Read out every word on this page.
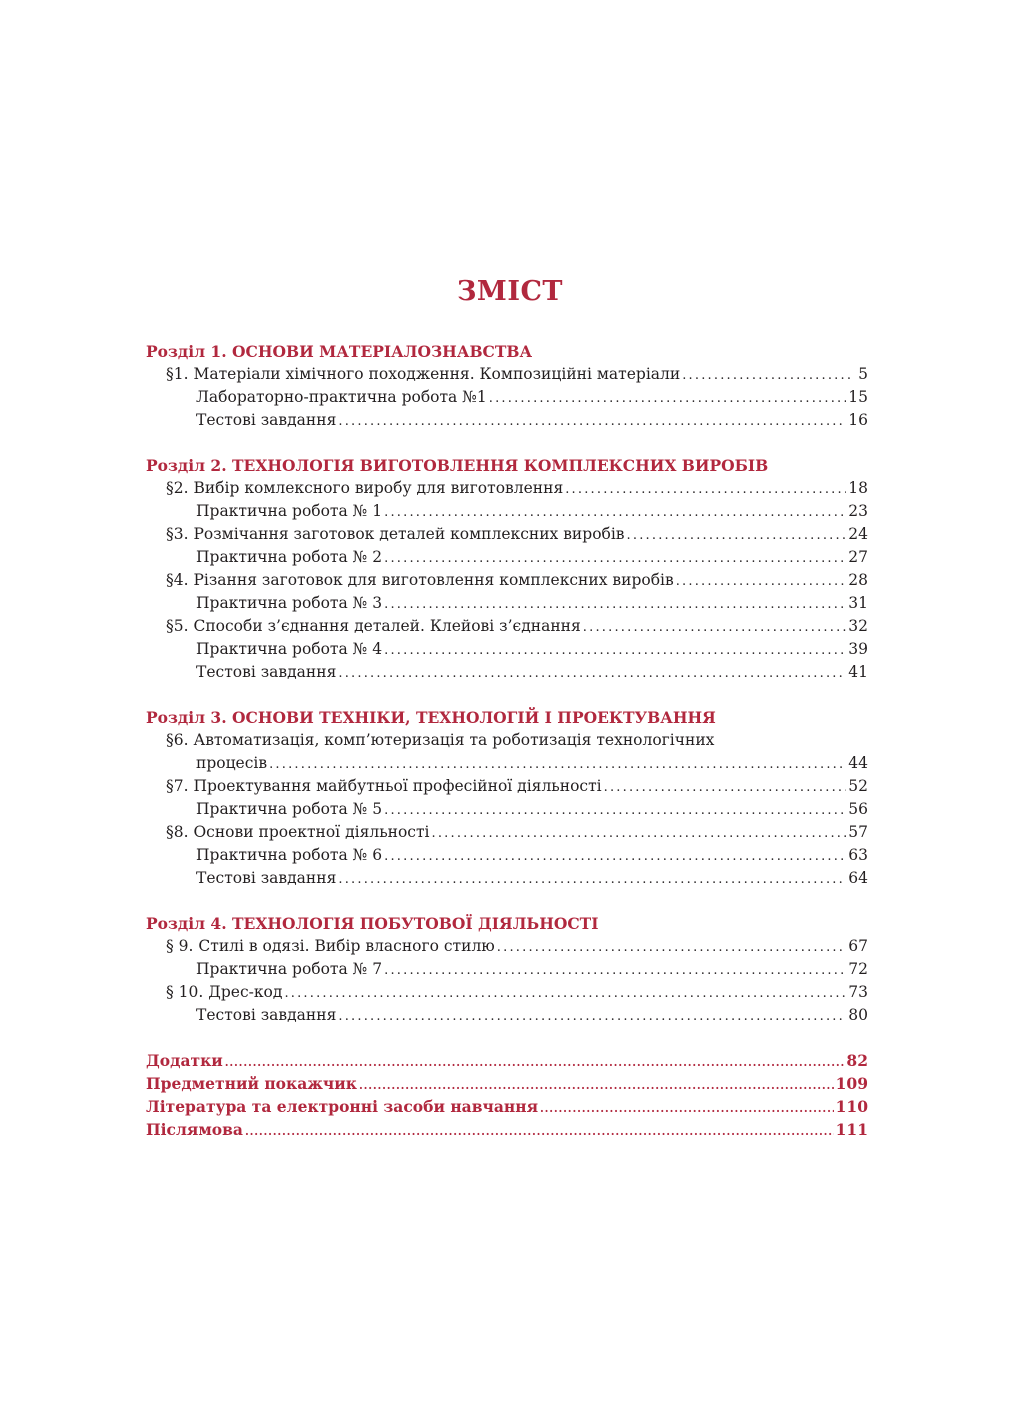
ЗМІСТ
Розділ 1. ОСНОВИ МАТЕРІАЛОЗНАВСТВА
§1. Матеріали хімічного походження. Композиційні матеріали .....	5
Лабораторно-практична робота №1 .....	15
Тестові завдання .....	16
Розділ 2. ТЕХНОЛОГІЯ ВИГОТОВЛЕННЯ КОМПЛЕКСНИХ ВИРОБІВ
§2. Вибір комлексного виробу для виготовлення .....	18
Практична робота № 1 .....	23
§3. Розмічання заготовок деталей комплексних виробів .....	24
Практична робота № 2 .....	27
§4. Різання заготовок для виготовлення комплексних виробів .....	28
Практична робота № 3 .....	31
§5. Способи з’єднання деталей. Клейові з’єднання .....	32
Практична робота № 4 .....	39
Тестові завдання .....	41
Розділ 3. ОСНОВИ ТЕХНІКИ, ТЕХНОЛОГІЙ І ПРОЕКТУВАННЯ
§6. Автоматизація, комп’ютеризація та роботизація технологічних
процесів .....	44
§7. Проектування майбутньої професійної діяльності .....	52
Практична робота № 5 .....	56
§8. Основи проектної діяльності .....	57
Практична робота № 6 .....	63
Тестові завдання .....	64
Розділ 4. ТЕХНОЛОГІЯ ПОБУТОВОЇ ДІЯЛЬНОСТІ
§ 9. Стилі в одязі. Вибір власного стилю .....	67
Практична робота № 7 .....	72
§ 10. Дрес-код .....	73
Тестові завдання .....	80
Додатки .....	82
Предметний покажчик .....	109
Література та електронні засоби навчання .....	110
Післямова .....	111
